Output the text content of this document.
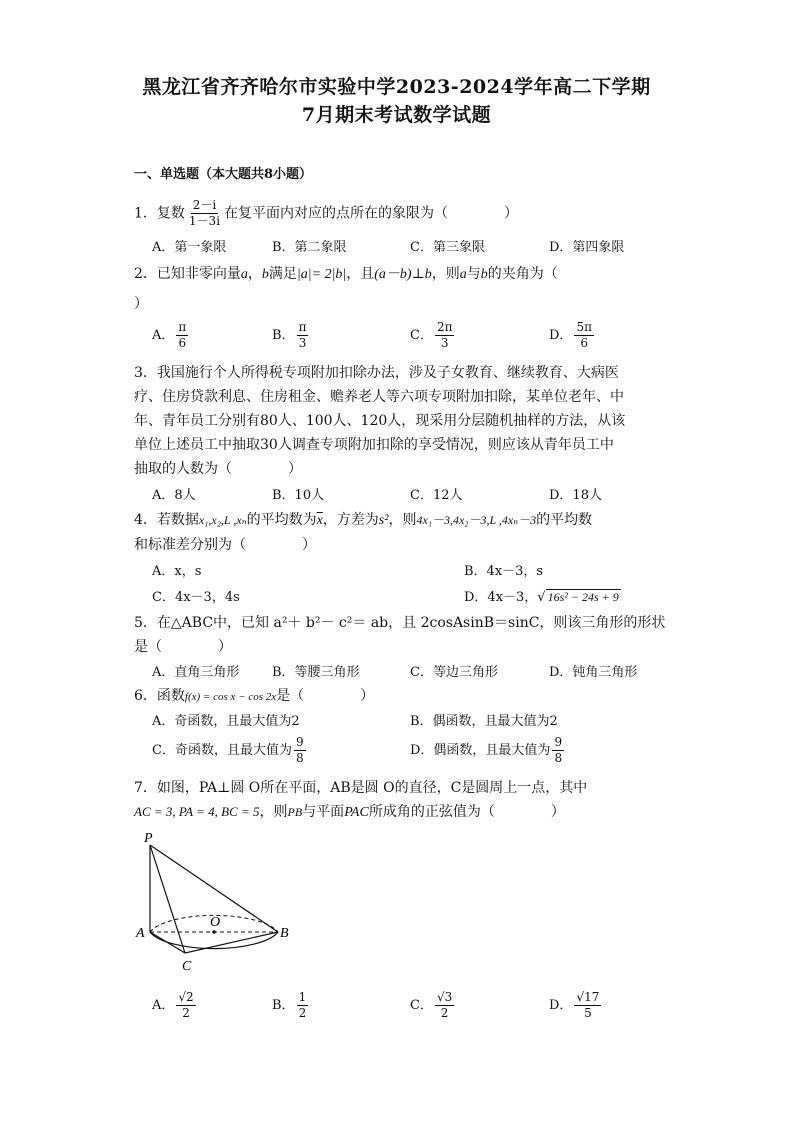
黑龙江省齐齐哈尔市实验中学2023-2024学年高二下学期
7月期末考试数学试题
一、单选题（本大题共8小题）
1．复数 $\frac{2-i}{1-3i}$ 在复平面内对应的点所在的象限为（　　　　）
A．第一象限	B．第二象限	C．第三象限	D．第四象限
2．已知非零向量a，b满足|a|= 2|b|，且(a－b)⊥b，则a与b的夹角为（
）
A． $\frac{\pi}{6}$	B． $\frac{\pi}{3}$	C． $\frac{2\pi}{3}$	D． $\frac{5\pi}{6}$
3．我国施行个人所得税专项附加扣除办法，涉及子女教育、继续教育、大病医
疗、住房贷款利息、住房租金、赡养老人等六项专项附加扣除，某单位老年、中
年、青年员工分别有80人、100人、120人，现采用分层随机抽样的方法，从该
单位上述员工中抽取30人调查专项附加扣除的享受情况，则应该从青年员工中
抽取的人数为（　　　　）
A．8人	B．10人	C．12人	D．18人
4．若数据x₁,x₂,L ,xₙ的平均数为$\overline{x}$，方差为s²，则4x₁－3,4x₂－3,L ,4xₙ－3的平均数
和标准差分别为（　　　　）
A．x，s	B．4x－3，s
C．4x－3，4s	D．4x－3，√ 16s² − 24s + 9
5．在△ABC中，已知 a²＋ b²－ c²＝ ab，且 2cosAsinB＝sinC，则该三角形的形状
是（　　　　）
A．直角三角形	B．等腰三角形	C．等边三角形	D．钝角三角形
6．函数f(x) = cos x − cos 2x是（　　　　）
A．奇函数，且最大值为2	B．偶函数，且最大值为2
C．奇函数，且最大值为 $\frac{9}{8}$	D．偶函数，且最大值为 $\frac{9}{8}$
7．如图，PA⊥圆 O所在平面，AB是圆 O的直径，C是圆周上一点，其中
AC = 3, PA = 4, BC = 5，则PB与平面PAC所成角的正弦值为（　　　　）
P
A
O
B
C
A． $\frac{√2}{2}$	B． $\frac{1}{2}$	C． $\frac{√3}{2}$	D． $\frac{√17}{5}$
